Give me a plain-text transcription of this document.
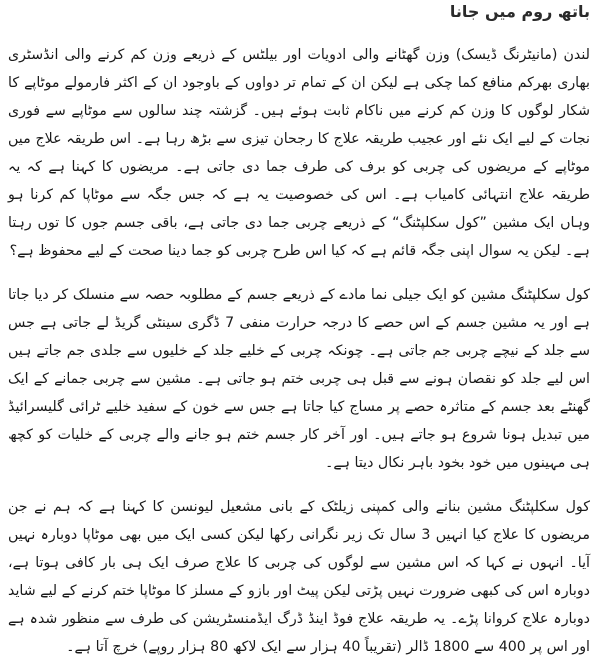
باتھ روم میں جانا

لندن (مانیٹرنگ ڈیسک) وزن گھٹانے والی ادویات اور بیلٹس کے ذریعے وزن کم کرنے والی انڈسٹری بھاری بھرکم منافع کما چکی ہے لیکن ان کے تمام تر دواوں کے باوجود ان کے اکثر فارمولے موٹاپے کا شکار لوگوں کا وزن کم کرنے میں ناکام ثابت ہوئے ہیں۔ گزشتہ چند سالوں سے موٹاپے سے فوری نجات کے لیے ایک نئے اور عجیب طریقہ علاج کا رجحان تیزی سے بڑھ رہا ہے۔ اس طریقہ علاج میں موٹاپے کے مریضوں کی چربی کو برف کی طرف جما دی جاتی ہے۔ مریضوں کا کہنا ہے کہ یہ طریقہ علاج انتہائی کامیاب ہے۔ اس کی خصوصیت یہ ہے کہ جس جگہ سے موٹاپا کم کرنا ہو وہاں ایک مشین ”کول سکلپٹنگ“ کے ذریعے چربی جما دی جاتی ہے، باقی جسم جوں کا توں رہتا ہے۔ لیکن یہ سوال اپنی جگہ قائم ہے کہ کیا اس طرح چربی کو جما دینا صحت کے لیے محفوظ ہے؟

کول سکلپٹنگ مشین کو ایک جیلی نما مادے کے ذریعے جسم کے مطلوبہ حصہ سے منسلک کر دیا جاتا ہے اور یہ مشین جسم کے اس حصے کا درجہ حرارت منفی 7 ڈگری سینٹی گریڈ لے جاتی ہے جس سے جلد کے نیچے چربی جم جاتی ہے۔ چونکہ چربی کے خلیے جلد کے خلیوں سے جلدی جم جاتے ہیں اس لیے جلد کو نقصان ہونے سے قبل ہی چربی ختم ہو جاتی ہے۔ مشین سے چربی جمانے کے ایک گھنٹے بعد جسم کے متاثرہ حصے پر مساج کیا جاتا ہے جس سے خون کے سفید خلیے ٹرائی گلیسرائیڈ میں تبدیل ہونا شروع ہو جاتے ہیں۔ اور آخر کار جسم ختم ہو جانے والے چربی کے خلیات کو کچھ ہی مہینوں میں خود بخود باہر نکال دیتا ہے۔

کول سکلپٹنگ مشین بنانے والی کمپنی زیلٹک کے بانی مشعیل لیونسن کا کہنا ہے کہ ہم نے جن مریضوں کا علاج کیا انہیں 3 سال تک زیر نگرانی رکھا لیکن کسی ایک میں بھی موٹاپا دوبارہ نہیں آیا۔ انہوں نے کہا کہ اس مشین سے لوگوں کی چربی کا علاج صرف ایک ہی بار کافی ہوتا ہے، دوبارہ اس کی کبھی ضرورت نہیں پڑتی لیکن پیٹ اور بازو کے مسلز کا موٹاپا ختم کرنے کے لیے شاید دوبارہ علاج کروانا پڑے۔ یہ طریقہ علاج فوڈ اینڈ ڈرگ ایڈمنسٹریشن کی طرف سے منظور شدہ ہے اور اس پر 400 سے 1800 ڈالر (تقریباً 40 ہزار سے ایک لاکھ 80 ہزار روپے) خرچ آتا ہے۔
